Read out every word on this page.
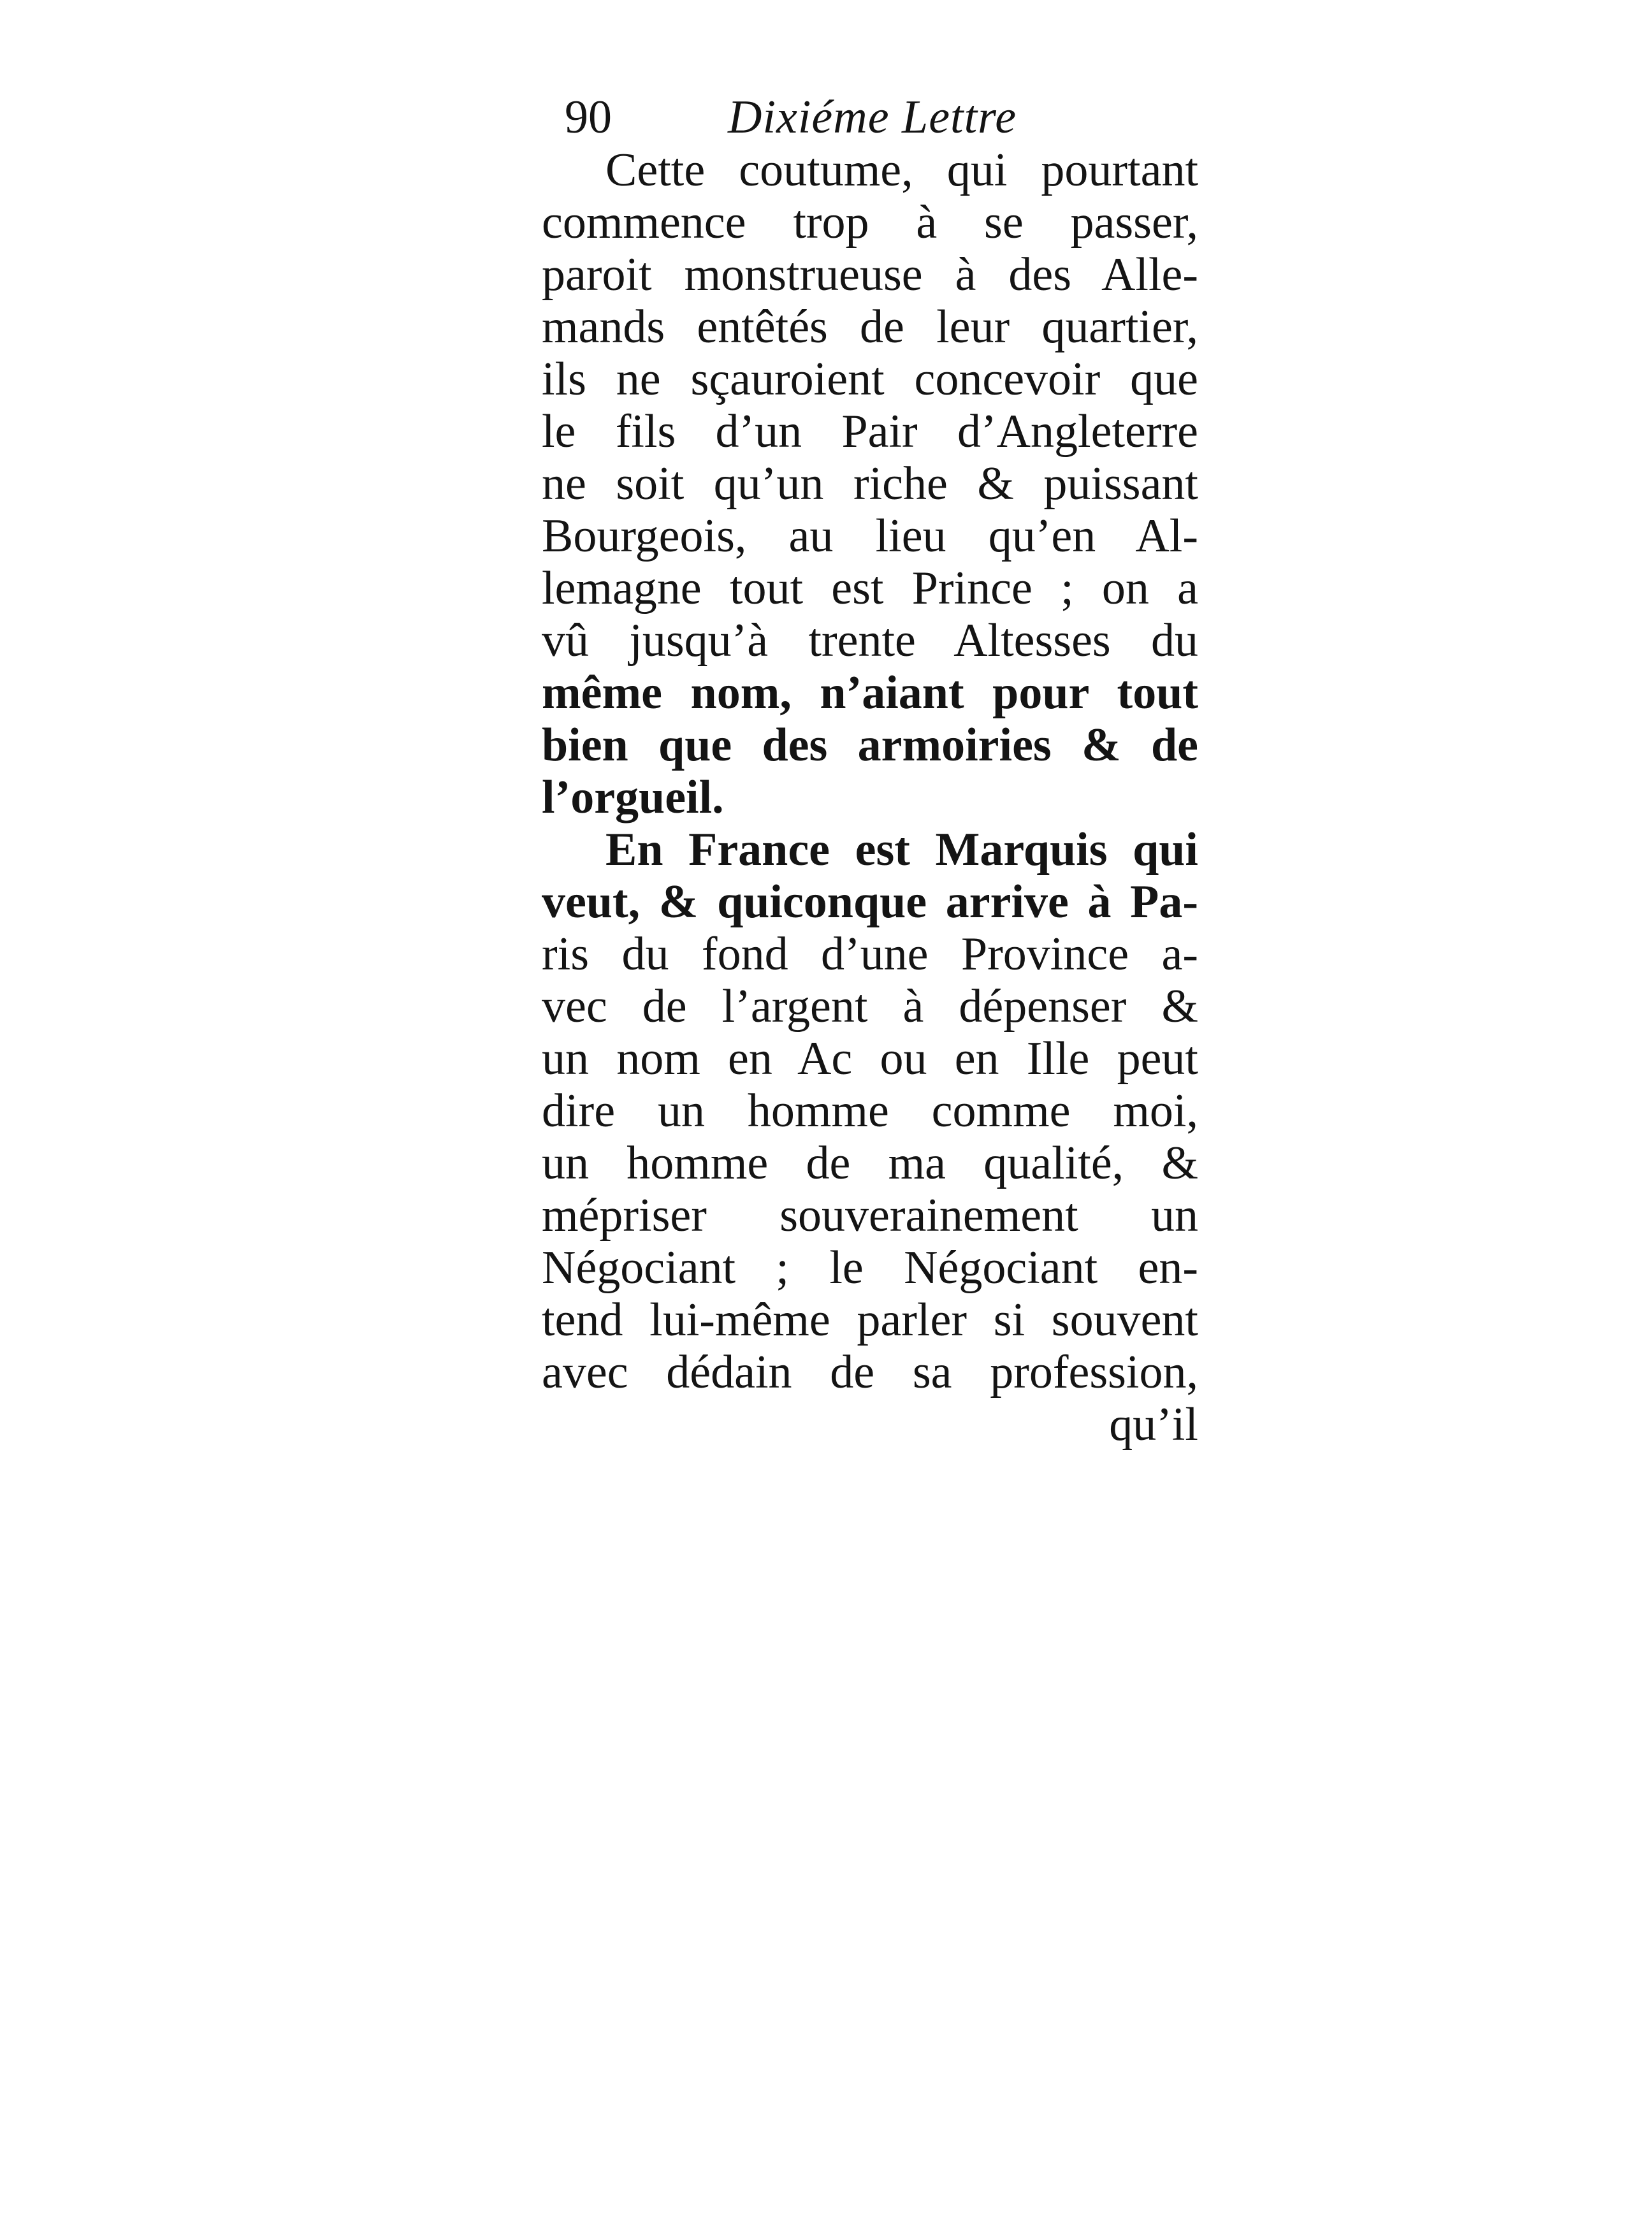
90 Dixiéme Lettre
Cette coutume, qui pourtant
commence trop à se passer,
paroit monstrueuse à des Alle-
mands entêtés de leur quartier,
ils ne sçauroient concevoir que
le fils d’un Pair d’Angleterre
ne soit qu’un riche & puissant
Bourgeois, au lieu qu’en Al-
lemagne tout est Prince ; on a
vû jusqu’à trente Altesses du
même nom, n’aiant pour tout
bien que des armoiries & de
l’orgueil.
En France est Marquis qui
veut, & quiconque arrive à Pa-
ris du fond d’une Province a-
vec de l’argent à dépenser &
un nom en Ac ou en Ille peut
dire un homme comme moi,
un homme de ma qualité, &
mépriser souverainement un
Négociant ; le Négociant en-
tend lui-même parler si souvent
avec dédain de sa profession,
qu’il
